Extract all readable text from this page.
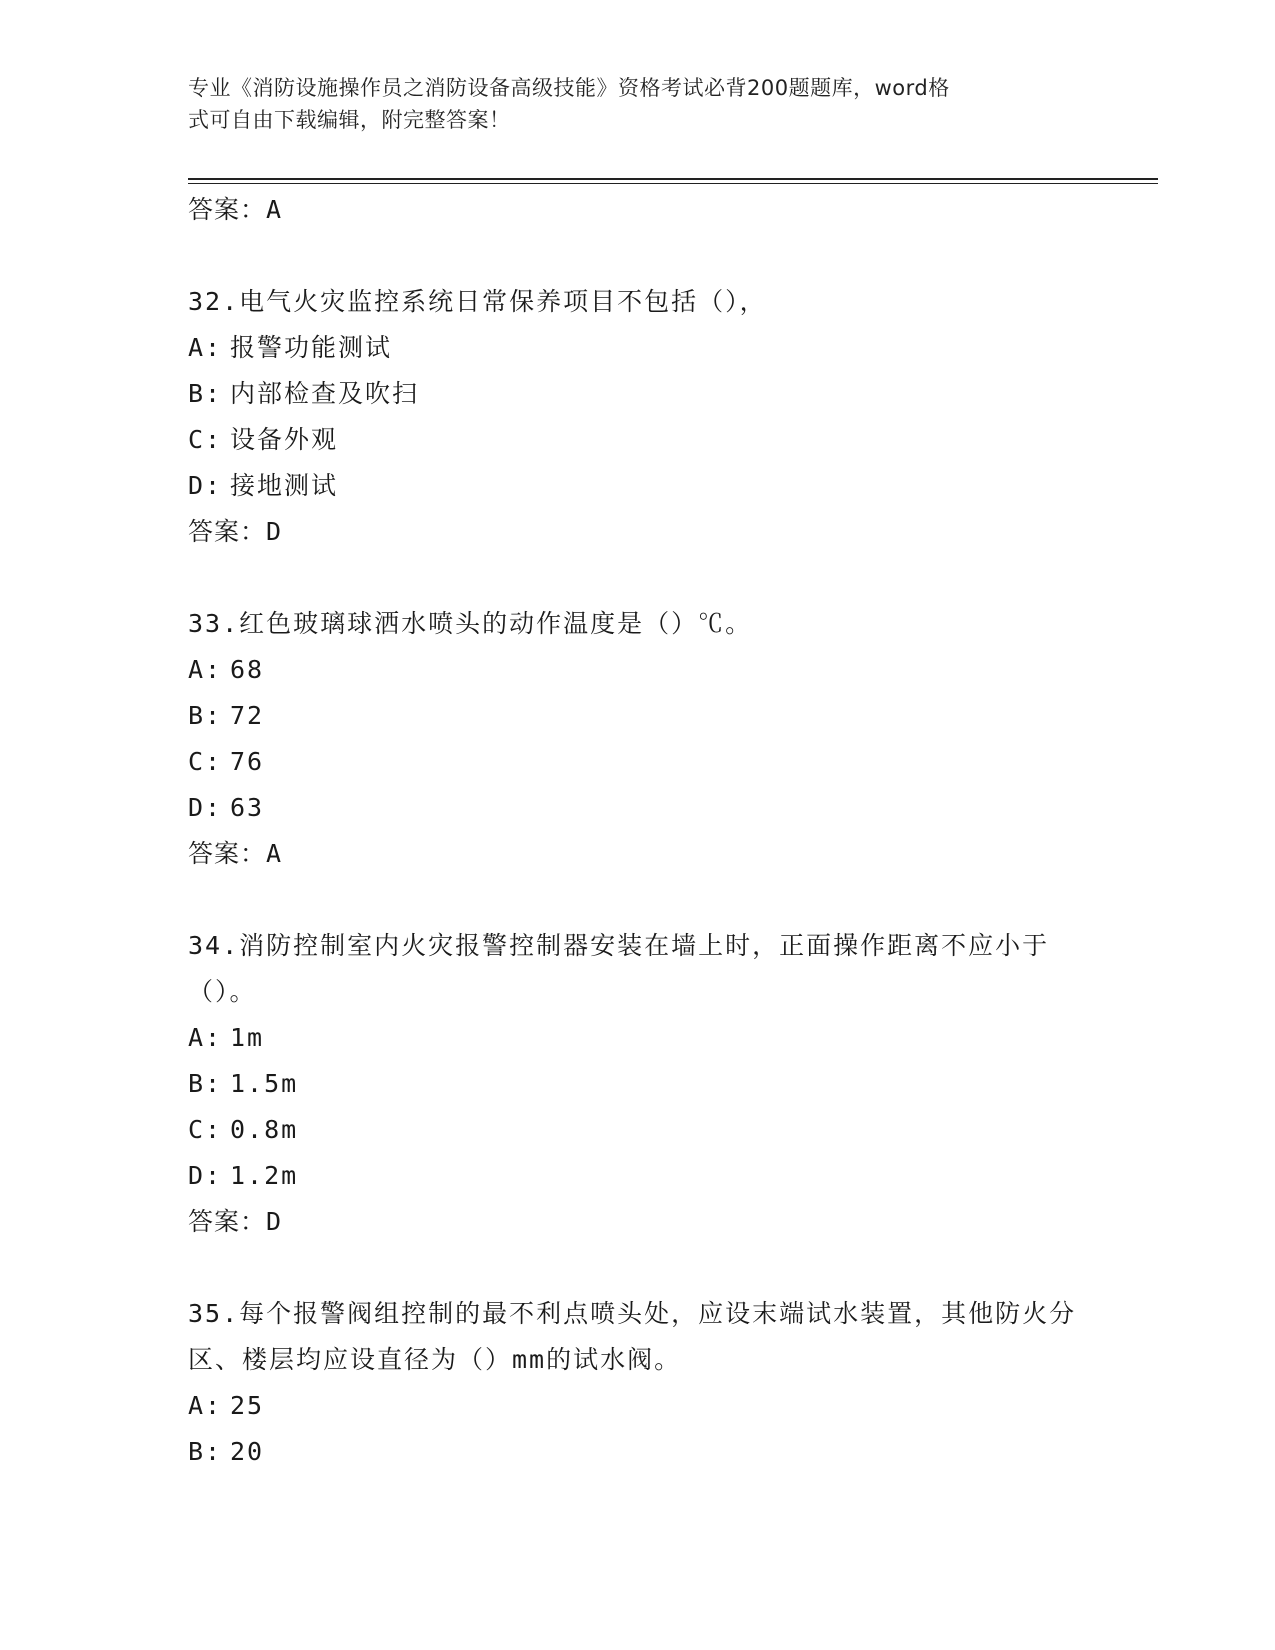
专业《消防设施操作员之消防设备高级技能》资格考试必背200题题库，word格
式可自由下载编辑，附完整答案！
答案：A
32.电气火灾监控系统日常保养项目不包括（），
A: 报警功能测试
B: 内部检查及吹扫
C: 设备外观
D: 接地测试
答案：D
33.红色玻璃球洒水喷头的动作温度是（）℃。
A: 68
B: 72
C: 76
D: 63
答案：A
34.消防控制室内火灾报警控制器安装在墙上时，正面操作距离不应小于（）。
A: 1m
B: 1.5m
C: 0.8m
D: 1.2m
答案：D
35.每个报警阀组控制的最不利点喷头处，应设末端试水装置，其他防火分区、楼层均应设直径为（）mm的试水阀。
A: 25
B: 20
